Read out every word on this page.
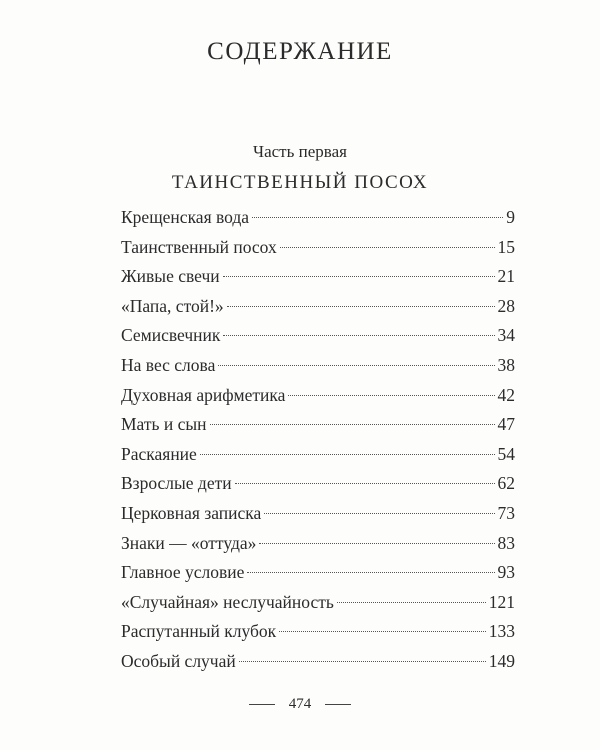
СОДЕРЖАНИЕ
Часть первая
ТАИНСТВЕННЫЙ ПОСОХ
Крещенская вода	9
Таинственный посох	15
Живые свечи	21
«Папа, стой!»	28
Семисвечник	34
На вес слова	38
Духовная арифметика	42
Мать и сын	47
Раскаяние	54
Взрослые дети	62
Церковная записка	73
Знаки — «оттуда»	83
Главное условие	93
«Случайная» неслучайность	121
Распутанный клубок	133
Особый случай	149
474
